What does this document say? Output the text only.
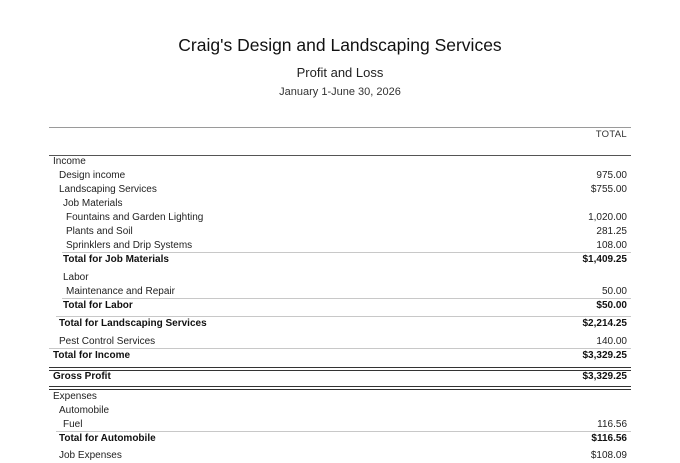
Craig's Design and Landscaping Services
Profit and Loss
January 1-June 30, 2026
TOTAL
Income
Design income	975.00
Landscaping Services	$755.00
Job Materials
Fountains and Garden Lighting	1,020.00
Plants and Soil	281.25
Sprinklers and Drip Systems	108.00
Total for Job Materials	$1,409.25
Labor
Maintenance and Repair	50.00
Total for Labor	$50.00
Total for Landscaping Services	$2,214.25
Pest Control Services	140.00
Total for Income	$3,329.25
Gross Profit	$3,329.25
Expenses
Automobile
Fuel	116.56
Total for Automobile	$116.56
Job Expenses	$108.09
